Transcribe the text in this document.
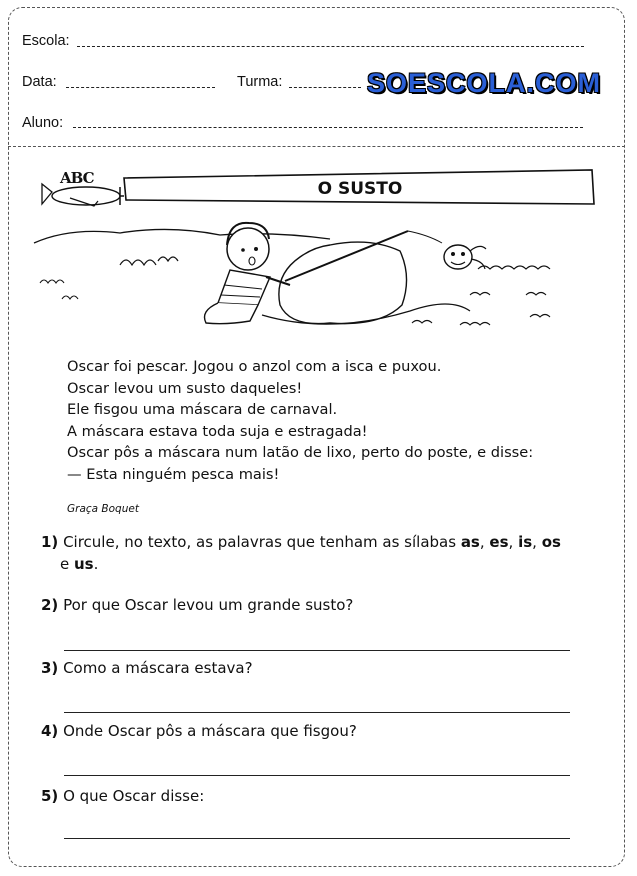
Escola:
Data:	Turma:	SOESCOLA.COM
Aluno:
ABC
O SUSTO
Oscar foi pescar. Jogou o anzol com a isca e puxou.
Oscar levou um susto daqueles!
Ele fisgou uma máscara de carnaval.
A máscara estava toda suja e estragada!
Oscar pôs a máscara num latão de lixo, perto do poste, e disse:
— Esta ninguém pesca mais!
Graça Boquet
1) Circule, no texto, as palavras que tenham as sílabas as, es, is, os
e us.
2) Por que Oscar levou um grande susto?
3) Como a máscara estava?
4) Onde Oscar pôs a máscara que fisgou?
5) O que Oscar disse:
